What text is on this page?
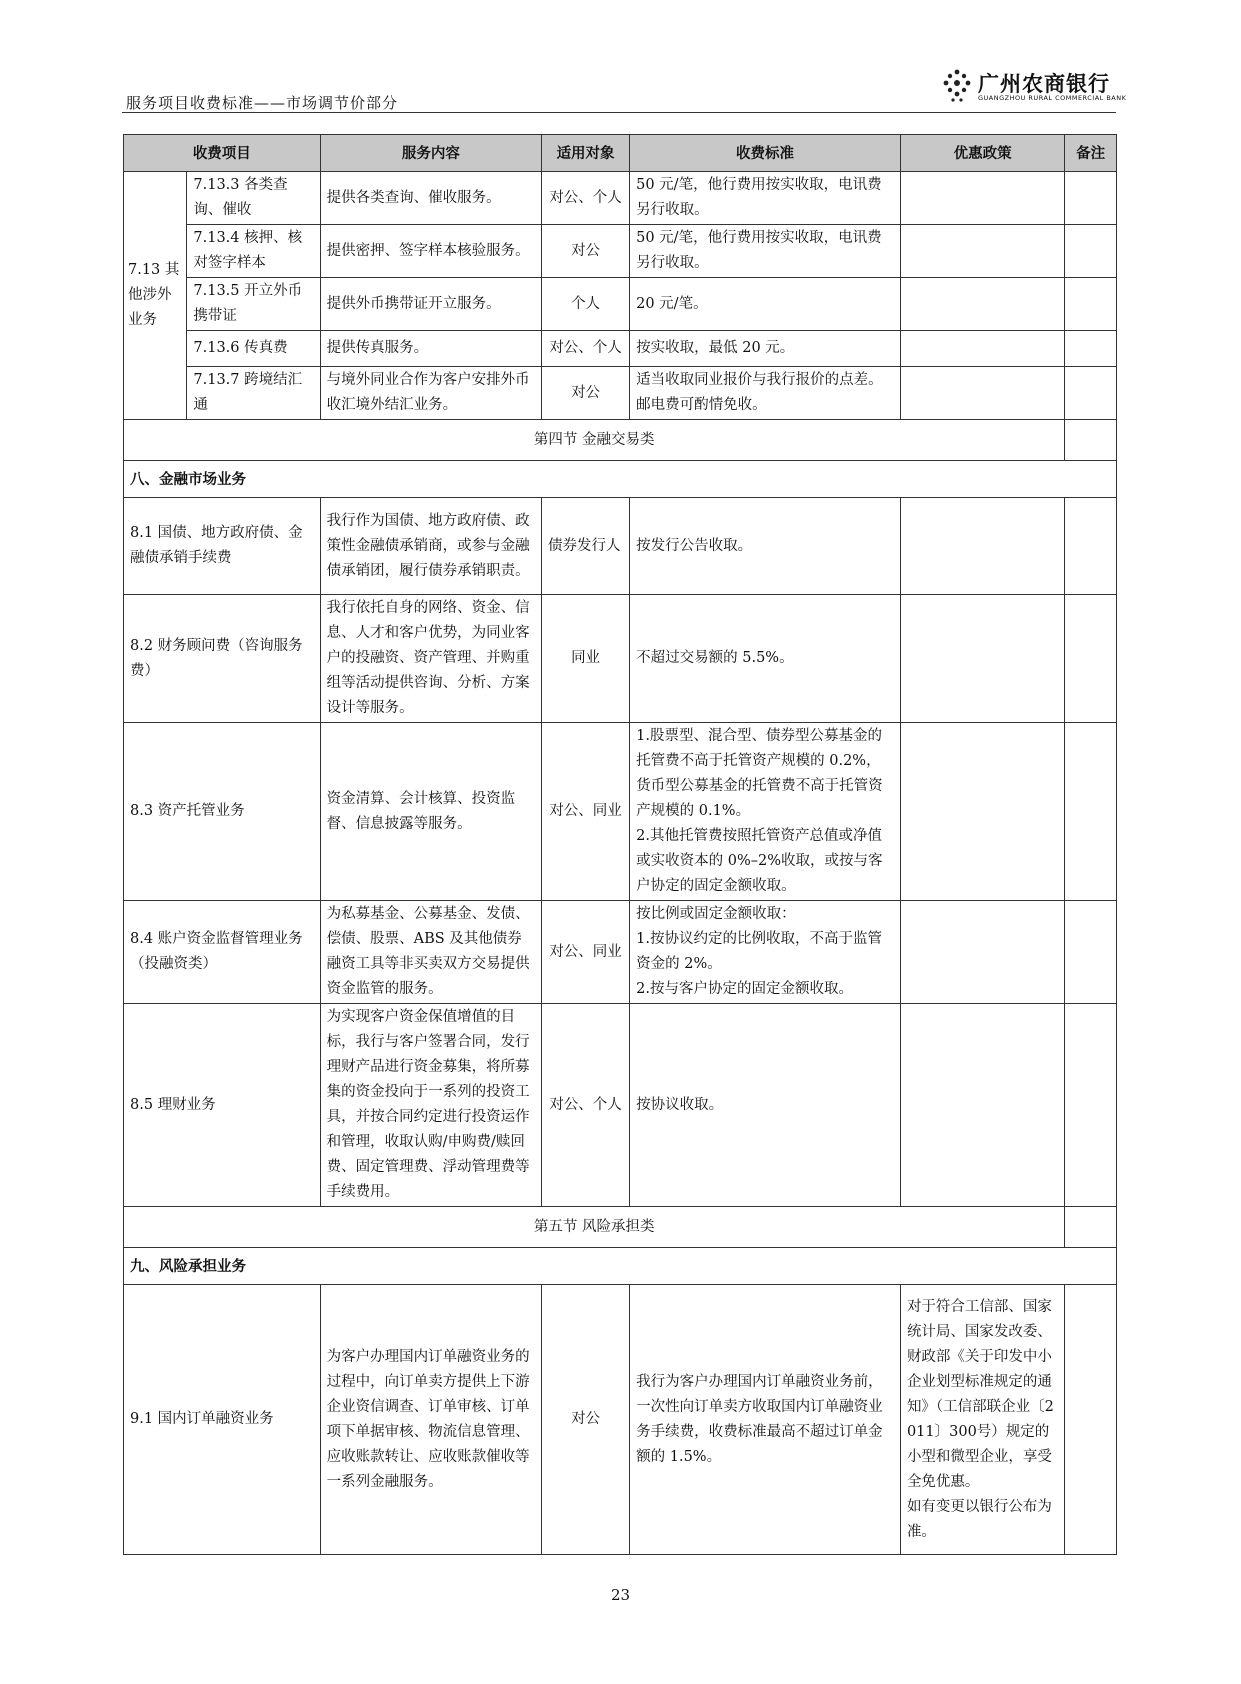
服务项目收费标准——市场调节价部分
广州农商银行
GUANGZHOU RURAL COMMERCIAL BANK
收费项目		服务内容	适用对象	收费标准	优惠政策	备注
7.13 其他涉外业务	7.13.3 各类查询、催收	提供各类查询、催收服务。	对公、个人	50 元/笔，他行费用按实收取，电讯费另行收取。		
	7.13.4 核押、核对签字样本	提供密押、签字样本核验服务。	对公	50 元/笔，他行费用按实收取，电讯费另行收取。		
	7.13.5 开立外币携带证	提供外币携带证开立服务。	个人	20 元/笔。		
	7.13.6 传真费	提供传真服务。	对公、个人	按实收取，最低 20 元。		
	7.13.7 跨境结汇通	与境外同业合作为客户安排外币收汇境外结汇业务。	对公	适当收取同业报价与我行报价的点差。邮电费可酌情免收。		
第四节 金融交易类						
八、金融市场业务						
8.1 国债、地方政府债、金融债承销手续费		我行作为国债、地方政府债、政策性金融债承销商，或参与金融债承销团，履行债券承销职责。	债券发行人	按发行公告收取。		
8.2 财务顾问费（咨询服务费）		我行依托自身的网络、资金、信息、人才和客户优势，为同业客户的投融资、资产管理、并购重组等活动提供咨询、分析、方案设计等服务。	同业	不超过交易额的 5.5%。		
8.3 资产托管业务		资金清算、会计核算、投资监督、信息披露等服务。	对公、同业	1.股票型、混合型、债券型公募基金的托管费不高于托管资产规模的 0.2%，货币型公募基金的托管费不高于托管资产规模的 0.1%。
2.其他托管费按照托管资产总值或净值或实收资本的 0%–2%收取，或按与客户协定的固定金额收取。		
8.4 账户资金监督管理业务（投融资类）		为私募基金、公募基金、发债、偿债、股票、ABS 及其他债券融资工具等非买卖双方交易提供资金监管的服务。	对公、同业	按比例或固定金额收取：
1.按协议约定的比例收取，不高于监管资金的 2%。
2.按与客户协定的固定金额收取。		
8.5 理财业务		为实现客户资金保值增值的目标，我行与客户签署合同，发行理财产品进行资金募集，将所募集的资金投向于一系列的投资工具，并按合同约定进行投资运作和管理，收取认购/申购费/赎回费、固定管理费、浮动管理费等手续费用。	对公、个人	按协议收取。		
第五节 风险承担类						
九、风险承担业务						
9.1 国内订单融资业务		为客户办理国内订单融资业务的过程中，向订单卖方提供上下游企业资信调查、订单审核、订单项下单据审核、物流信息管理、应收账款转让、应收账款催收等一系列金融服务。	对公	我行为客户办理国内订单融资业务前，一次性向订单卖方收取国内订单融资业务手续费，收费标准最高不超过订单金额的 1.5%。	对于符合工信部、国家统计局、国家发改委、财政部《关于印发中小企业划型标准规定的通知》（工信部联企业〔2011〕300号）规定的小型和微型企业，享受全免优惠。
如有变更以银行公布为准。	
23
